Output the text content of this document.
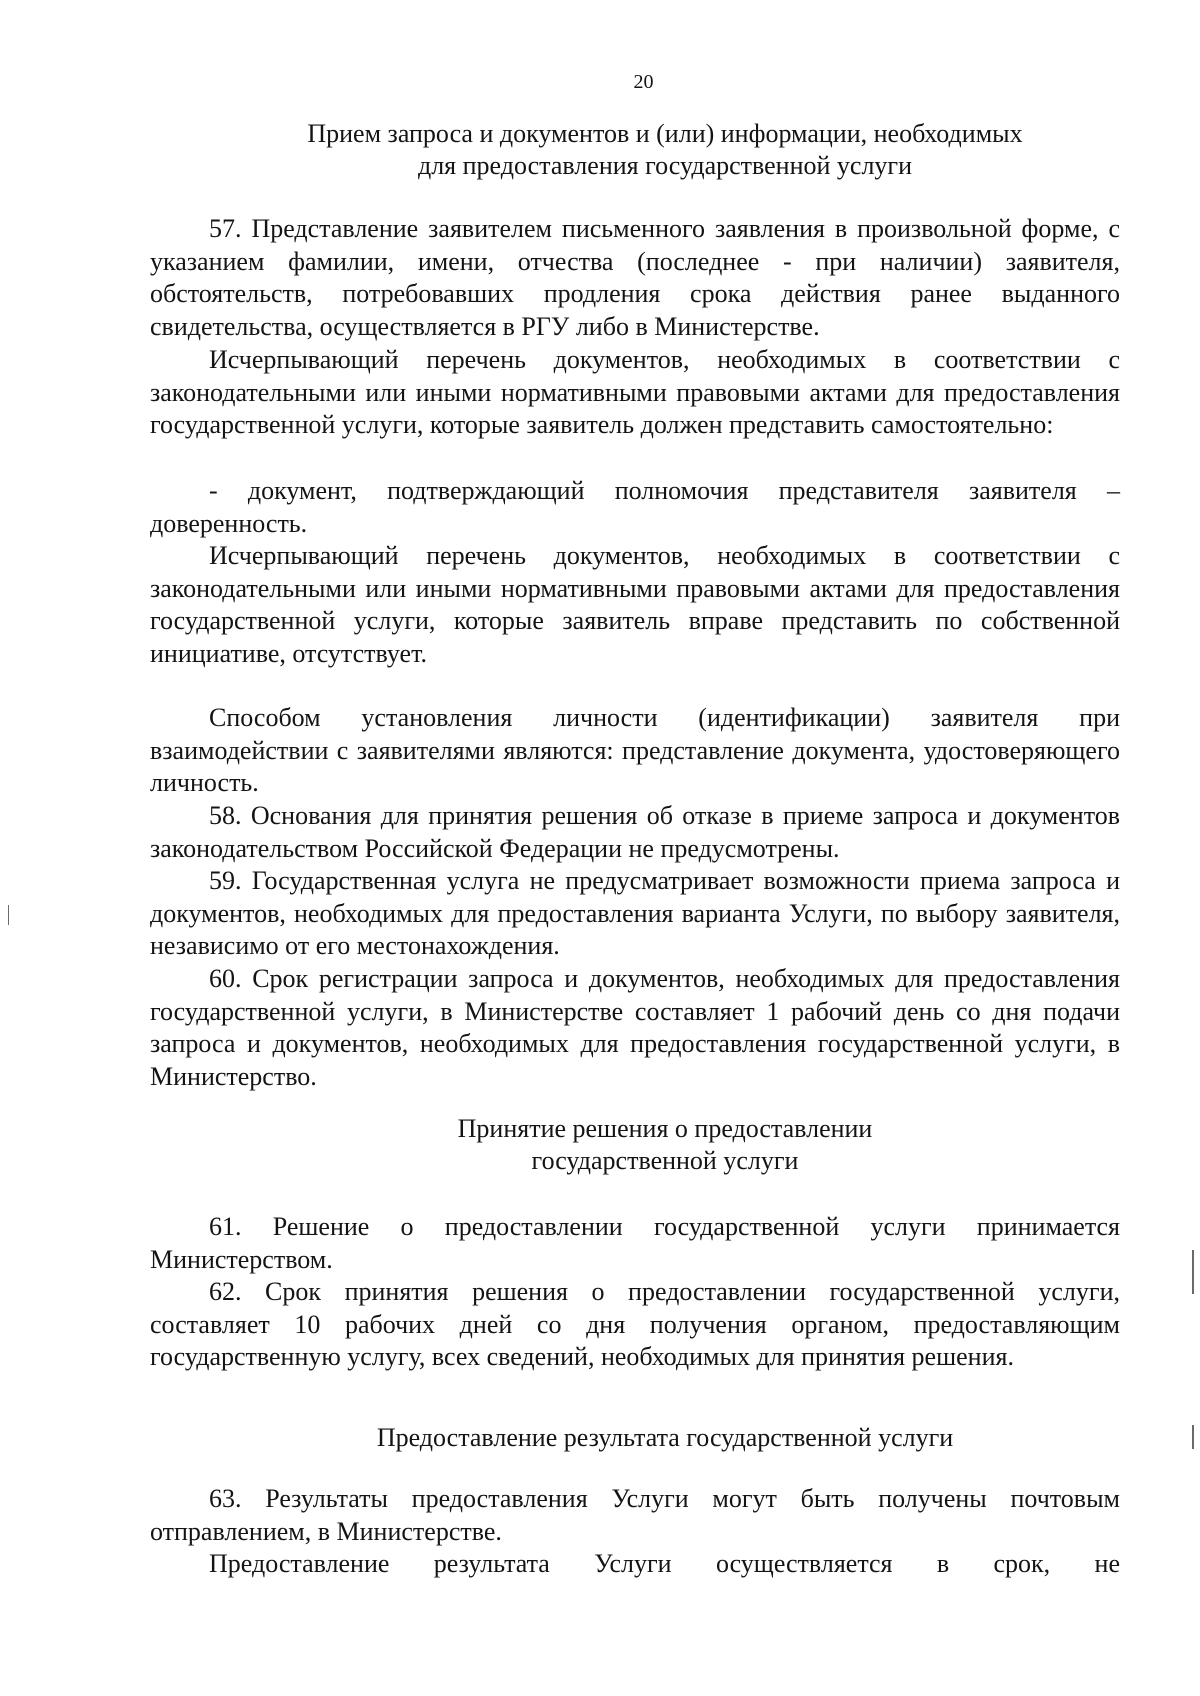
20
Прием запроса и документов и (или) информации, необходимых
для предоставления государственной услуги
57. Представление заявителем письменного заявления в произвольной форме, с указанием фамилии, имени, отчества (последнее - при наличии) заявителя, обстоятельств, потребовавших продления срока действия ранее выданного свидетельства, осуществляется в РГУ либо в Министерстве.
Исчерпывающий перечень документов, необходимых в соответствии с законодательными или иными нормативными правовыми актами для предоставления государственной услуги, которые заявитель должен представить самостоятельно:
- документ, подтверждающий полномочия представителя заявителя – доверенность.
Исчерпывающий перечень документов, необходимых в соответствии с законодательными или иными нормативными правовыми актами для предоставления государственной услуги, которые заявитель вправе представить по собственной инициативе, отсутствует.
Способом установления личности (идентификации) заявителя при взаимодействии с заявителями являются: представление документа, удостоверяющего личность.
58. Основания для принятия решения об отказе в приеме запроса и документов законодательством Российской Федерации не предусмотрены.
59. Государственная услуга не предусматривает возможности приема запроса и документов, необходимых для предоставления варианта Услуги, по выбору заявителя, независимо от его местонахождения.
60. Срок регистрации запроса и документов, необходимых для предоставления государственной услуги, в Министерстве составляет 1 рабочий день со дня подачи запроса и документов, необходимых для предоставления государственной услуги, в Министерство.
Принятие решения о предоставлении
государственной услуги
61. Решение о предоставлении государственной услуги принимается Министерством.
62. Срок принятия решения о предоставлении государственной услуги, составляет 10 рабочих дней со дня получения органом, предоставляющим государственную услугу, всех сведений, необходимых для принятия решения.
Предоставление результата государственной услуги
63. Результаты предоставления Услуги могут быть получены почтовым отправлением, в Министерстве.
Предоставление результата Услуги осуществляется в срок, не
